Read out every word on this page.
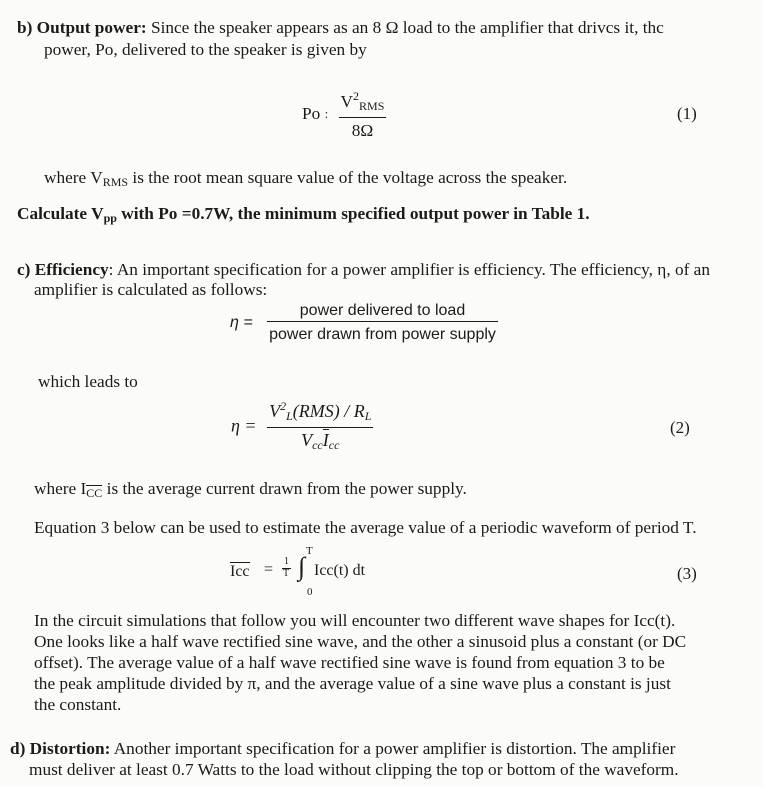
b) Output power: Since the speaker appears as an 8 Ω load to the amplifier that drivcs it, thc
power, Po, delivered to the speaker is given by
Po : $\frac{V^2_{RMS}}{8\Omega}$	(1)
where $V_{RMS}$ is the root mean square value of the voltage across the speaker.
Calculate $V_{pp}$ with Po =0.7W, the minimum specified output power in Table 1.
c) Efficiency: An important specification for a power amplifier is efficiency. The efficiency, η, of an
amplifier is calculated as follows:
$\eta = \frac{\text{power delivered to load}}{\text{power drawn from power supply}}$
which leads to
$\eta = \frac{V^2_L(RMS) / R_L}{V_{cc}I_{cc}}$	(2)
where $I_{CC}$ is the average current drawn from the power supply.
Equation 3 below can be used to estimate the average value of a periodic waveform of period T.
Icc = 1
T
T
∫
0
Icc(t) dt	(3)
In the circuit simulations that follow you will encounter two different wave shapes for Icc(t).
One looks like a half wave rectified sine wave, and the other a sinusoid plus a constant (or DC
offset). The average value of a half wave rectified sine wave is found from equation 3 to be
the peak amplitude divided by π, and the average value of a sine wave plus a constant is just
the constant.
d) Distortion: Another important specification for a power amplifier is distortion. The amplifier
must deliver at least 0.7 Watts to the load without clipping the top or bottom of the waveform.
